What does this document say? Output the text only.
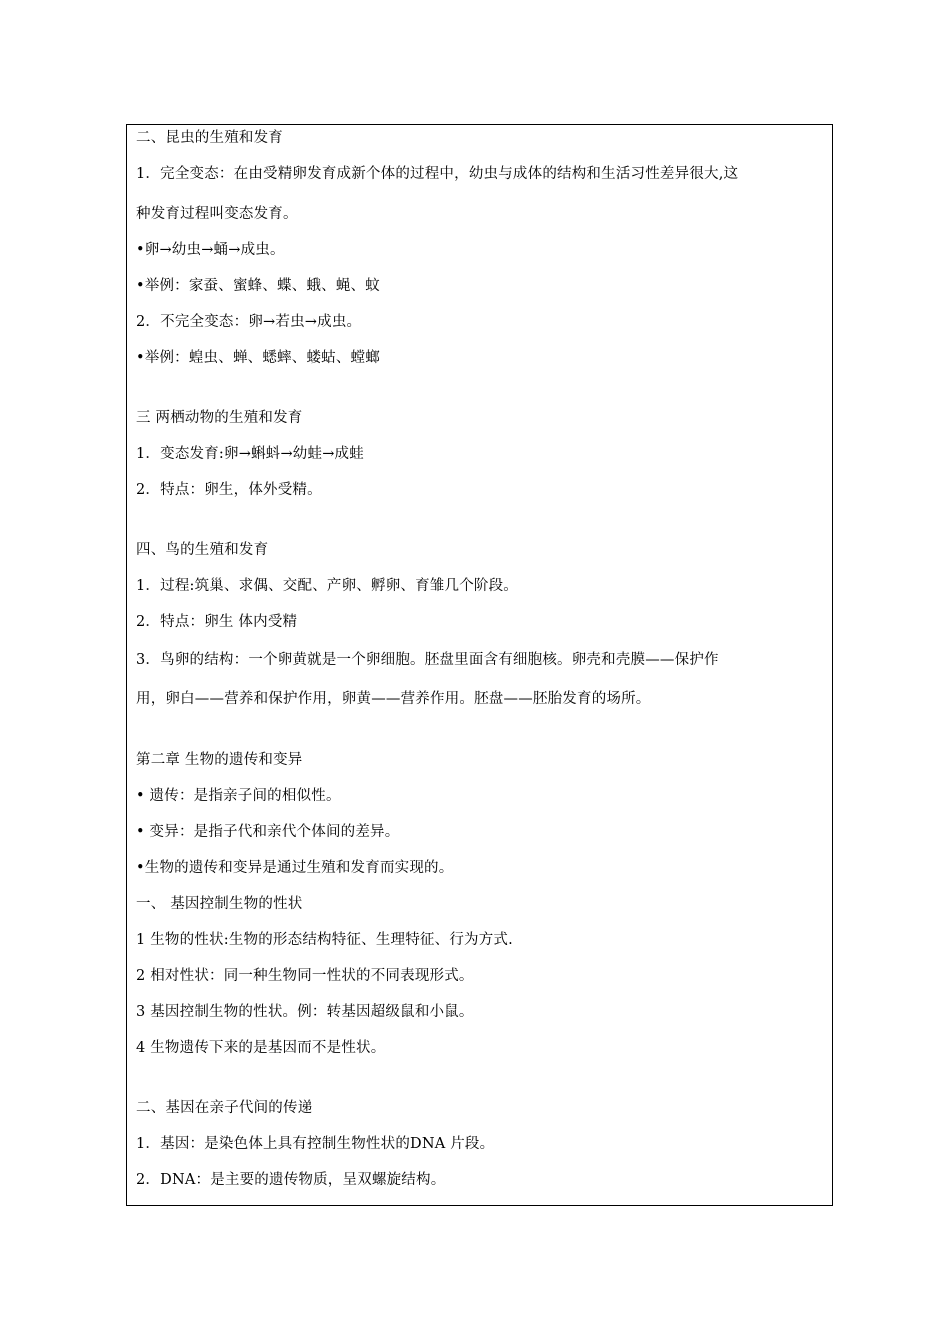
二、昆虫的生殖和发育
1．完全变态：在由受精卵发育成新个体的过程中，幼虫与成体的结构和生活习性差异很大,这
种发育过程叫变态发育。
•卵→幼虫→蛹→成虫。
•举例：家蚕、蜜蜂、蝶、蛾、蝇、蚊
2．不完全变态：卵→若虫→成虫。
•举例：蝗虫、蝉、蟋蟀、蝼蛄、螳螂
三 两栖动物的生殖和发育
1．变态发育:卵→蝌蚪→幼蛙→成蛙
2．特点：卵生，体外受精。
四、鸟的生殖和发育
1．过程:筑巢、求偶、交配、产卵、孵卵、育雏几个阶段。
2．特点：卵生 体内受精
3．鸟卵的结构：一个卵黄就是一个卵细胞。胚盘里面含有细胞核。卵壳和壳膜——保护作
用，卵白——营养和保护作用，卵黄——营养作用。胚盘——胚胎发育的场所。
第二章 生物的遗传和变异
• 遗传：是指亲子间的相似性。
• 变异：是指子代和亲代个体间的差异。
•生物的遗传和变异是通过生殖和发育而实现的。
一、 基因控制生物的性状
1 生物的性状:生物的形态结构特征、生理特征、行为方式.
2 相对性状：同一种生物同一性状的不同表现形式。
3 基因控制生物的性状。例：转基因超级鼠和小鼠。
4 生物遗传下来的是基因而不是性状。
二、基因在亲子代间的传递
1．基因：是染色体上具有控制生物性状的DNA 片段。
2．DNA：是主要的遗传物质，呈双螺旋结构。
